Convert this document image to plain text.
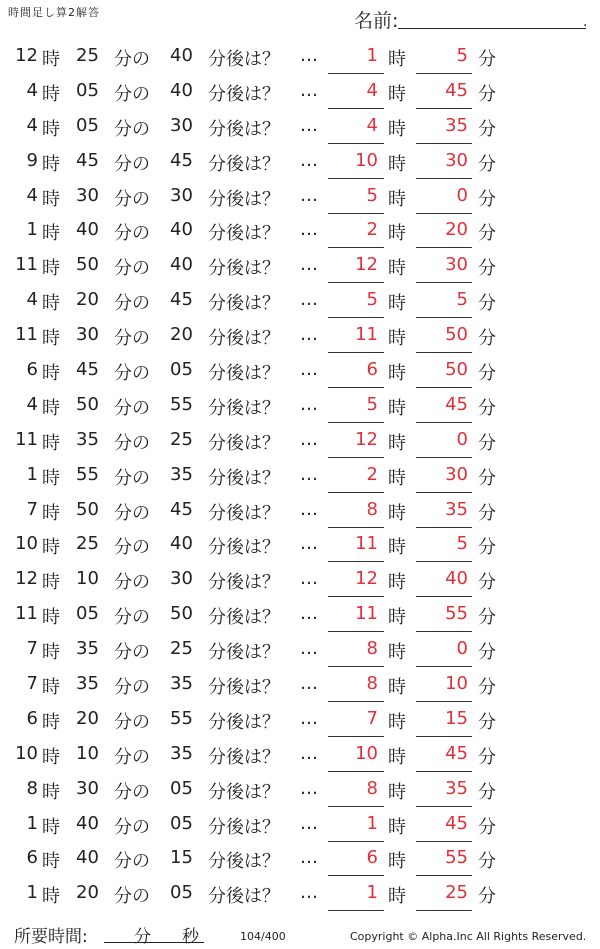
時間足し算2解答	名前:	.
12 時 25 分の 40 分後は？ …	1 時	5 分
4 時 05 分の 40 分後は？ …	4 時	45 分
4 時 05 分の 30 分後は？ …	4 時	35 分
9 時 45 分の 45 分後は？ …	10 時	30 分
4 時 30 分の 30 分後は？ …	5 時	0 分
1 時 40 分の 40 分後は？ …	2 時	20 分
11 時 50 分の 40 分後は？ …	12 時	30 分
4 時 20 分の 45 分後は？ …	5 時	5 分
11 時 30 分の 20 分後は？ …	11 時	50 分
6 時 45 分の 05 分後は？ …	6 時	50 分
4 時 50 分の 55 分後は？ …	5 時	45 分
11 時 35 分の 25 分後は？ …	12 時	0 分
1 時 55 分の 35 分後は？ …	2 時	30 分
7 時 50 分の 45 分後は？ …	8 時	35 分
10 時 25 分の 40 分後は？ …	11 時	5 分
12 時 10 分の 30 分後は？ …	12 時	40 分
11 時 05 分の 50 分後は？ …	11 時	55 分
7 時 35 分の 25 分後は？ …	8 時	0 分
7 時 35 分の 35 分後は？ …	8 時	10 分
6 時 20 分の 55 分後は？ …	7 時	15 分
10 時 10 分の 35 分後は？ …	10 時	45 分
8 時 30 分の 05 分後は？ …	8 時	35 分
1 時 40 分の 05 分後は？ …	1 時	45 分
6 時 40 分の 15 分後は？ …	6 時	55 分
1 時 20 分の 05 分後は？ …	1 時	25 分
所要時間:	分 秒	104/400	Copyright © Alpha.Inc All Rights Reserved.
